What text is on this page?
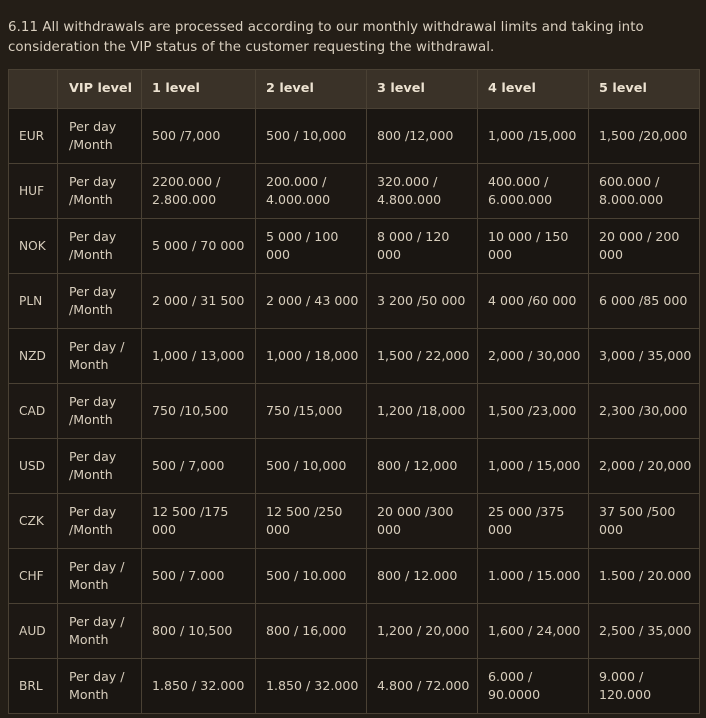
6.11 All withdrawals are processed according to our monthly withdrawal limits and taking into consideration the VIP status of the customer requesting the withdrawal.

	VIP level	1 level	2 level	3 level	4 level	5 level
EUR	Per day /Month	500 /7,000	500 / 10,000	800 /12,000	1,000 /15,000	1,500 /20,000
HUF	Per day /Month	2200.000 / 2.800.000	200.000 / 4.000.000	320.000 / 4.800.000	400.000 / 6.000.000	600.000 / 8.000.000
NOK	Per day /Month	5 000 / 70 000	5 000 / 100 000	8 000 / 120 000	10 000 / 150 000	20 000 / 200 000
PLN	Per day /Month	2 000 / 31 500	2 000 / 43 000	3 200 /50 000	4 000 /60 000	6 000 /85 000
NZD	Per day / Month	1,000 / 13,000	1,000 / 18,000	1,500 / 22,000	2,000 / 30,000	3,000 / 35,000
CAD	Per day /Month	750 /10,500	750 /15,000	1,200 /18,000	1,500 /23,000	2,300 /30,000
USD	Per day /Month	500 / 7,000	500 / 10,000	800 / 12,000	1,000 / 15,000	2,000 / 20,000
CZK	Per day /Month	12 500 /175 000	12 500 /250 000	20 000 /300 000	25 000 /375 000	37 500 /500 000
CHF	Per day / Month	500 / 7.000	500 / 10.000	800 / 12.000	1.000 / 15.000	1.500 / 20.000
AUD	Per day / Month	800 / 10,500	800 / 16,000	1,200 / 20,000	1,600 / 24,000	2,500 / 35,000
BRL	Per day / Month	1.850 / 32.000	1.850 / 32.000	4.800 / 72.000	6.000 / 90.0000	9.000 / 120.000
